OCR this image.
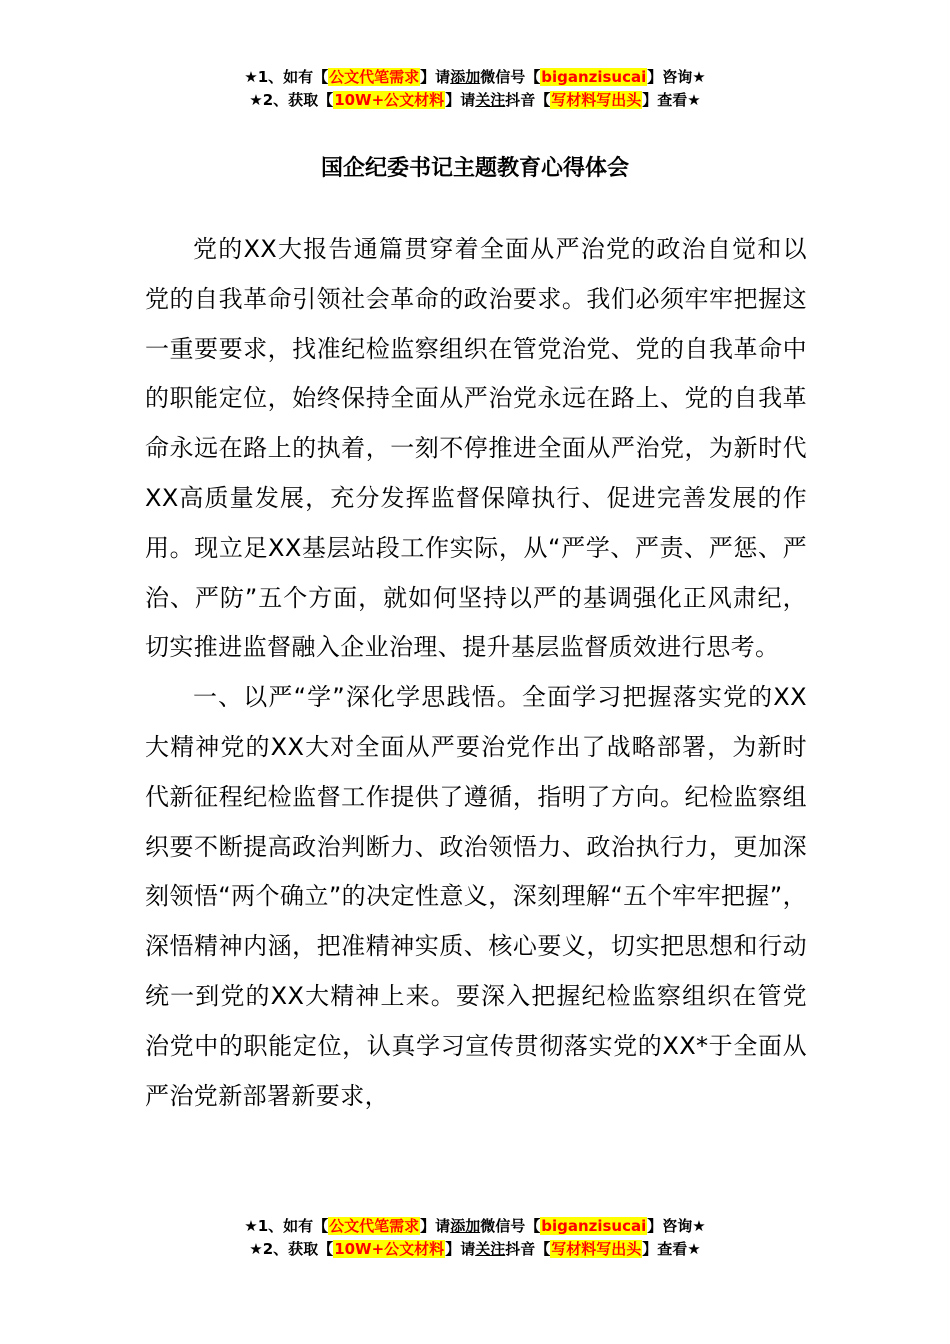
★1、如有【公文代笔需求】请添加微信号【biganzisucai】咨询★
★2、获取【10W+公文材料】请关注抖音【写材料写出头】查看★
国企纪委书记主题教育心得体会

党的XX大报告通篇贯穿着全面从严治党的政治自觉和以党的自我革命引领社会革命的政治要求。我们必须牢牢把握这一重要要求，找准纪检监察组织在管党治党、党的自我革命中的职能定位，始终保持全面从严治党永远在路上、党的自我革命永远在路上的执着，一刻不停推进全面从严治党，为新时代XX高质量发展，充分发挥监督保障执行、促进完善发展的作用。现立足XX基层站段工作实际，从“严学、严责、严惩、严治、严防”五个方面，就如何坚持以严的基调强化正风肃纪，切实推进监督融入企业治理、提升基层监督质效进行思考。

一、以严“学”深化学思践悟。全面学习把握落实党的XX大精神党的XX大对全面从严要治党作出了战略部署，为新时代新征程纪检监督工作提供了遵循，指明了方向。纪检监察组织要不断提高政治判断力、政治领悟力、政治执行力，更加深刻领悟“两个确立”的决定性意义，深刻理解“五个牢牢把握”，深悟精神内涵，把准精神实质、核心要义，切实把思想和行动统一到党的XX大精神上来。要深入把握纪检监察组织在管党治党中的职能定位，认真学习宣传贯彻落实党的XX*于全面从严治党新部署新要求，

★1、如有【公文代笔需求】请添加微信号【biganzisucai】咨询★
★2、获取【10W+公文材料】请关注抖音【写材料写出头】查看★
